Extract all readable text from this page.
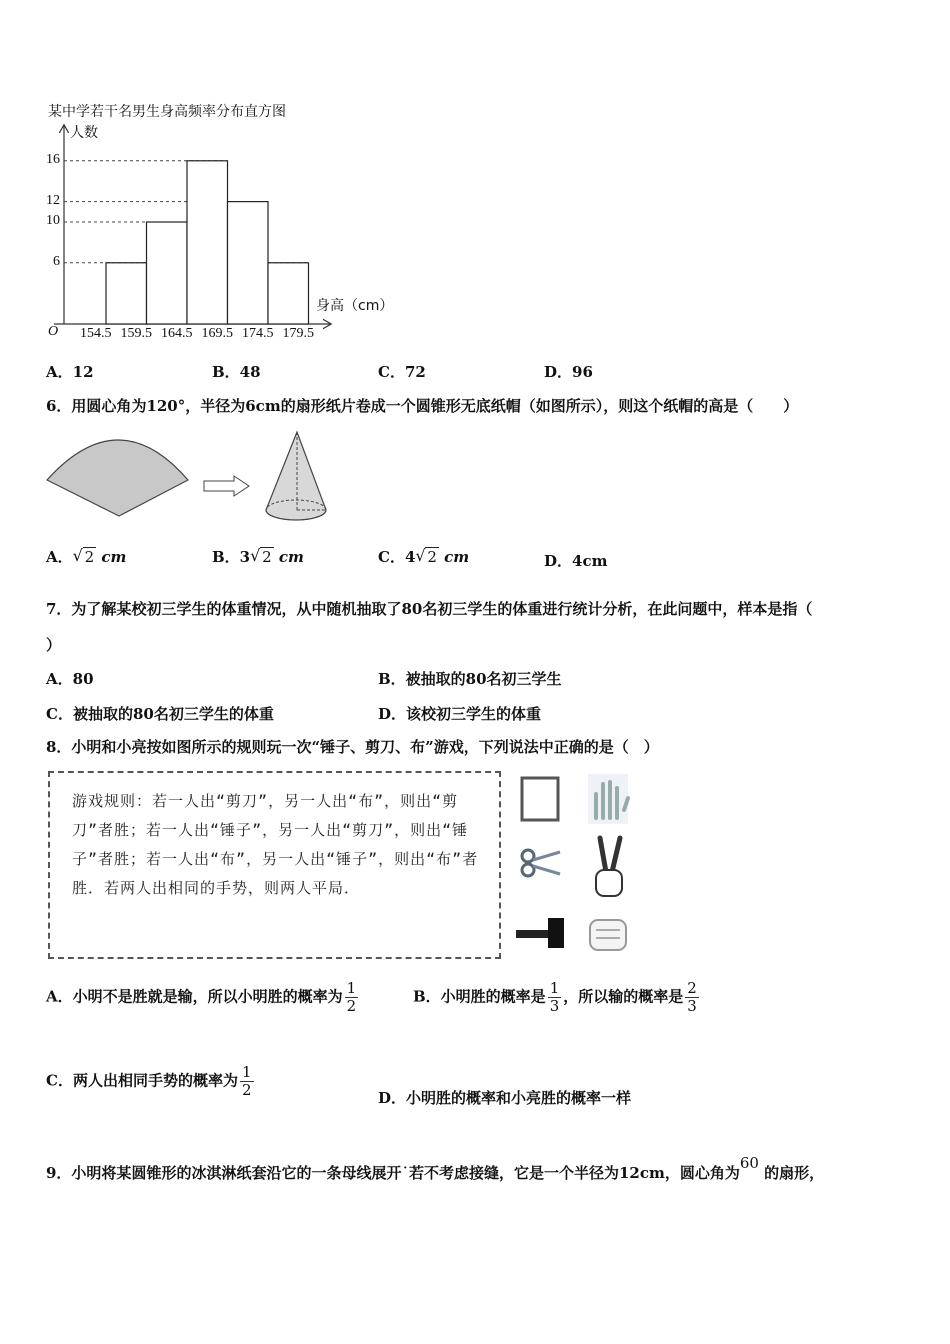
某中学若干名男生身高频率分布直方图
人数
身高（cm）
O
6
10
12
16
154.5 159.5 164.5 169.5 174.5 179.5
A．12	B．48	C．72	D．96
6．用圆心角为120°，半径为6cm的扇形纸片卷成一个圆锥形无底纸帽（如图所示），则这个纸帽的高是（　　）
A． √ 2 cm	B．3 √ 2 cm	C．4 √ 2 cm	D．4cm
7．为了解某校初三学生的体重情况，从中随机抽取了80名初三学生的体重进行统计分析，在此问题中，样本是指（
）
A．80	B．被抽取的80名初三学生
C．被抽取的80名初三学生的体重	D．该校初三学生的体重
8．小明和小亮按如图所示的规则玩一次“锤子、剪刀、布”游戏，下列说法中正确的是（　）

游戏规则：若一人出“剪刀”，另一人出“布”，则出“剪刀”者胜；若一人出“锤子”，另一人出“剪刀”，则出“锤子”者胜；若一人出“布”，另一人出“锤子”，则出“布”者胜．若两人出相同的手势，则两人平局．

A．小明不是胜就是输，所以小明胜的概率为 $\frac{1}{2}$	B．小明胜的概率是 $\frac{1}{3}$ ，所以输的概率是 $\frac{2}{3}$
C．两人出相同手势的概率为 $\frac{1}{2}$	D．小明胜的概率和小亮胜的概率一样
9．小明将某圆锥形的冰淇淋纸套沿它的一条母线展开˙若不考虑接缝，它是一个半径为12cm，圆心角为$^{60}$ 的扇形，
